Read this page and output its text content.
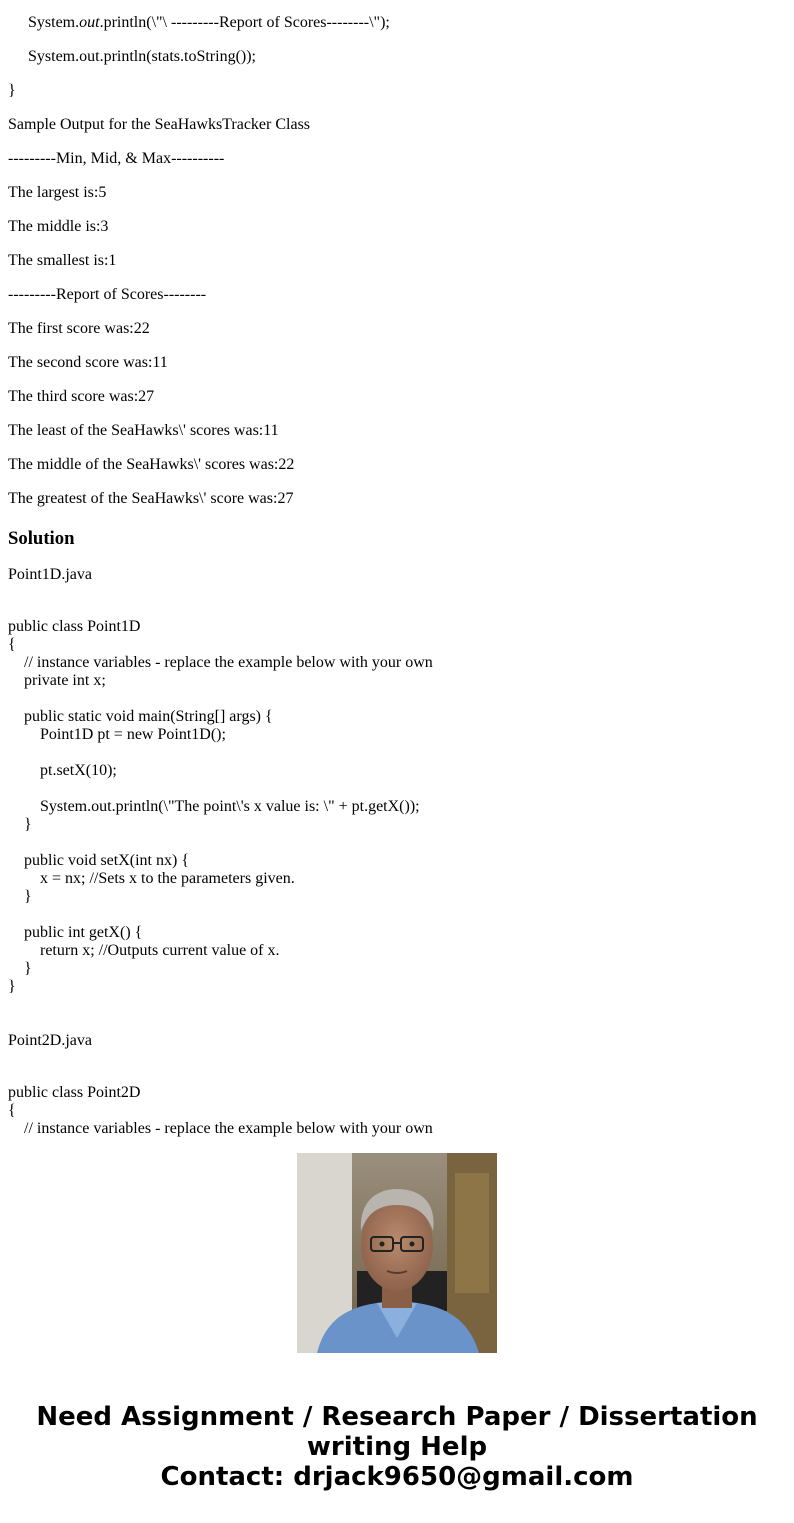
System.out.println(\"\ ---------Report of Scores--------\");

System.out.println(stats.toString());

}

Sample Output for the SeaHawksTracker Class

---------Min, Mid, & Max----------

The largest is:5

The middle is:3

The smallest is:1

---------Report of Scores--------

The first score was:22

The second score was:11

The third score was:27

The least of the SeaHawks\' scores was:11

The middle of the SeaHawks\' scores was:22

The greatest of the SeaHawks\' score was:27

Solution

Point1D.java

public class Point1D
{
// instance variables - replace the example below with your own
private int x;

public static void main(String[] args) {
Point1D pt = new Point1D();

pt.setX(10);

System.out.println(\"The point\'s x value is: \" + pt.getX());
}

public void setX(int nx) {
x = nx; //Sets x to the parameters given.
}

public int getX() {
return x; //Outputs current value of x.
}
}

Point2D.java

public class Point2D
{
// instance variables - replace the example below with your own
Need Assignment / Research Paper / Dissertation
writing Help
Contact: drjack9650@gmail.com
